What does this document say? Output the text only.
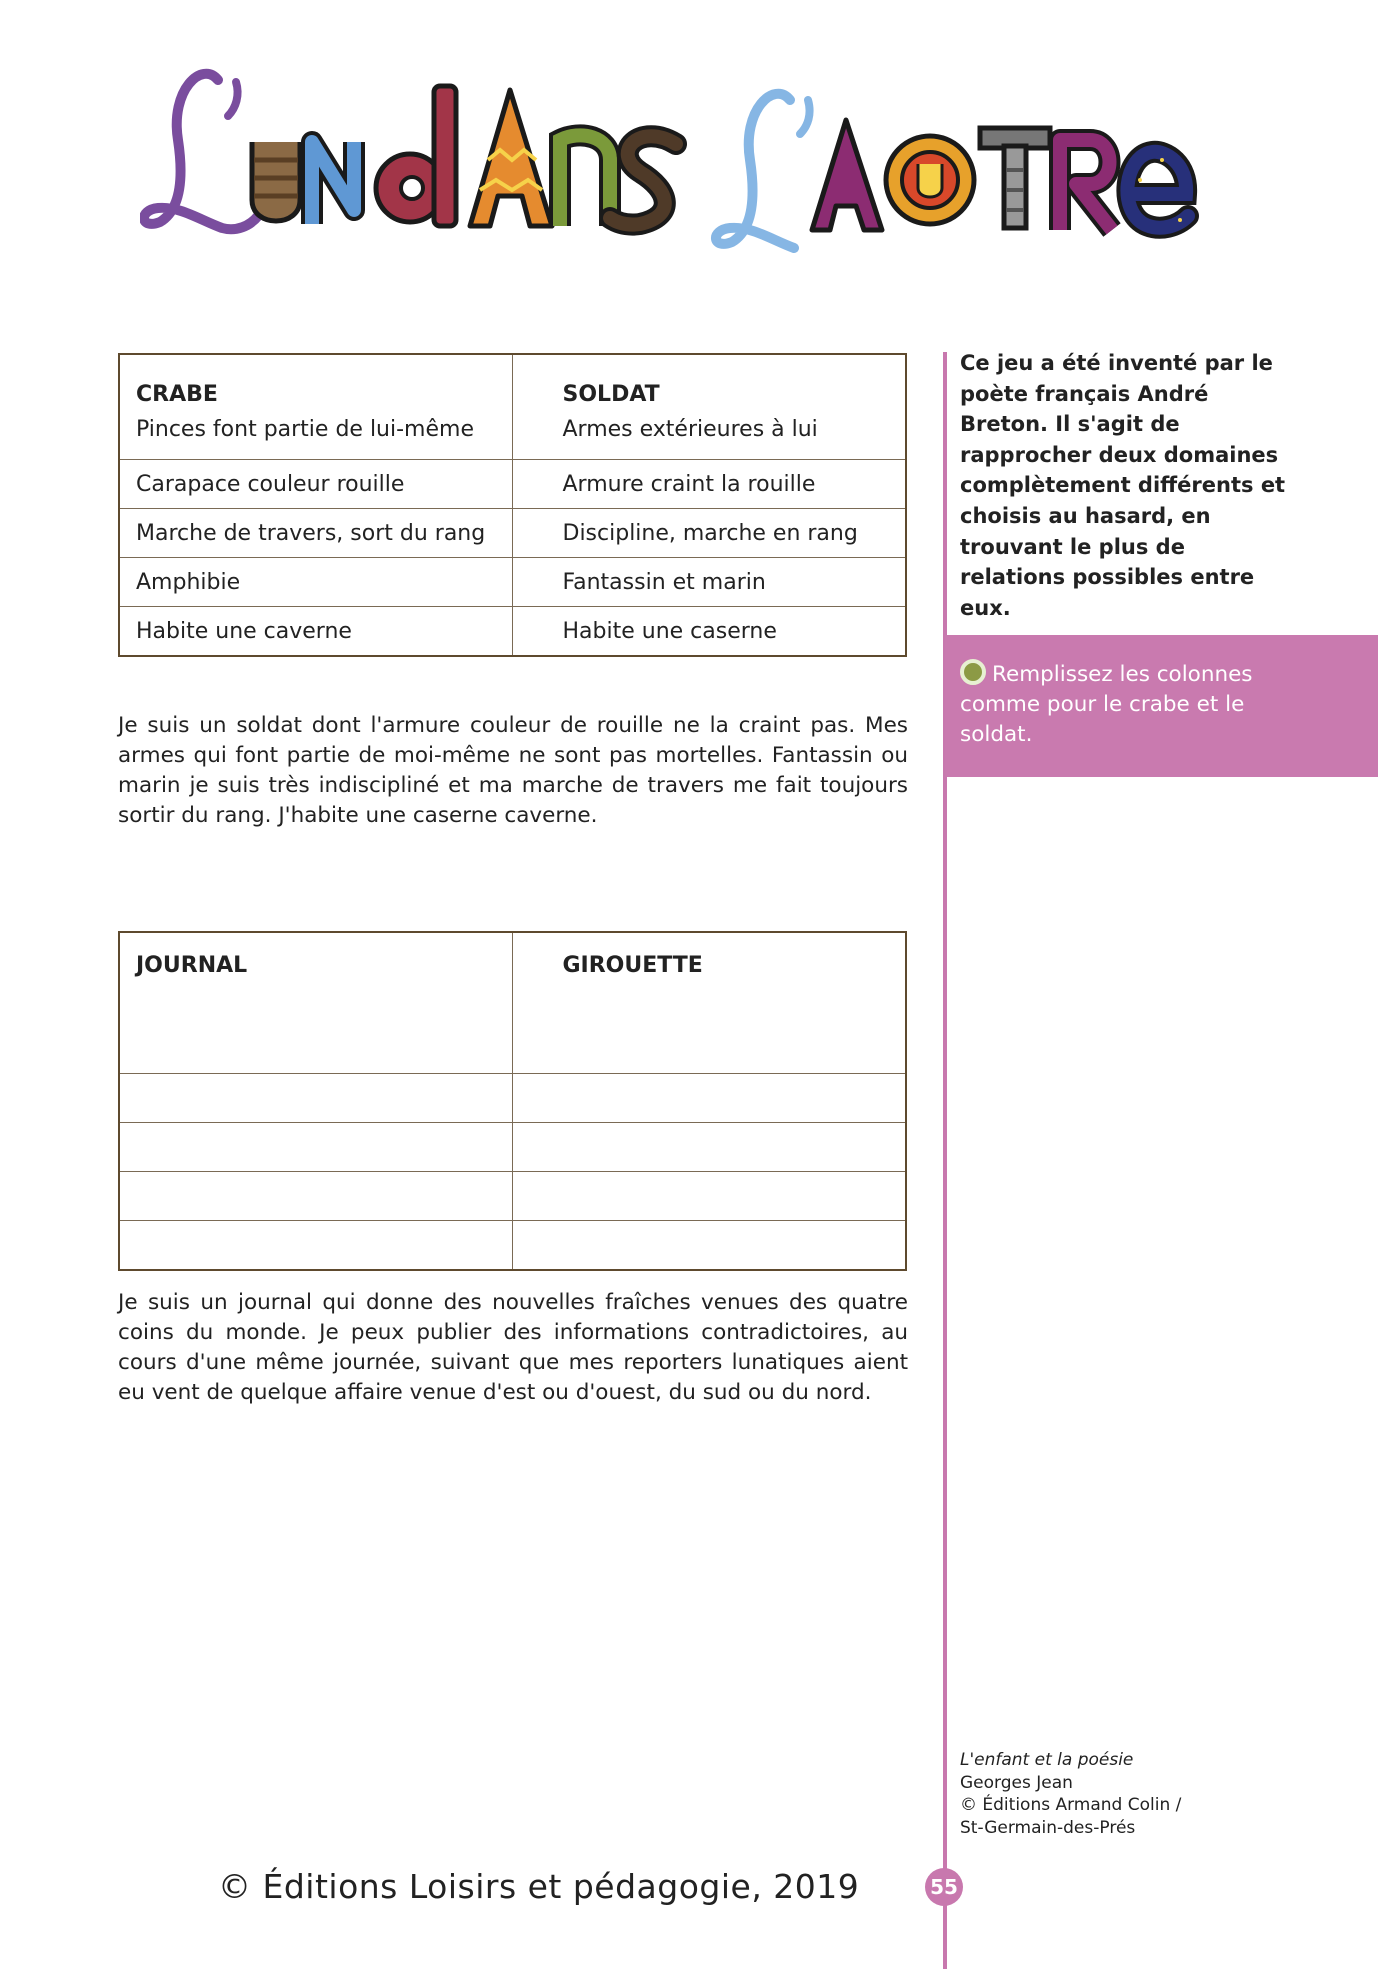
CRABE	SOLDAT
Pinces font partie de lui-même	Armes extérieures à lui
Carapace couleur rouille	Armure craint la rouille
Marche de travers, sort du rang	Discipline, marche en rang
Amphibie	Fantassin et marin
Habite une caverne	Habite une caserne

Je suis un soldat dont l'armure couleur de rouille ne la craint pas. Mes armes qui font partie de moi-même ne sont pas mortelles. Fantassin ou marin je suis très indiscipliné et ma marche de travers me fait toujours sortir du rang. J'habite une caserne caverne.

JOURNAL	GIROUETTE

Je suis un journal qui donne des nouvelles fraîches venues des quatre coins du monde. Je peux publier des informations contradictoires, au cours d'une même journée, suivant que mes reporters lunatiques aient eu vent de quelque affaire venue d'est ou d'ouest, du sud ou du nord.

Ce jeu a été inventé par le poète français André Breton. Il s'agit de rapprocher deux domaines complètement différents et choisis au hasard, en trouvant le plus de relations possibles entre eux.

Remplissez les colonnes comme pour le crabe et le soldat.

L'enfant et la poésie
Georges Jean
© Éditions Armand Colin /
St-Germain-des-Prés
© Éditions Loisirs et pédagogie, 2019	55
